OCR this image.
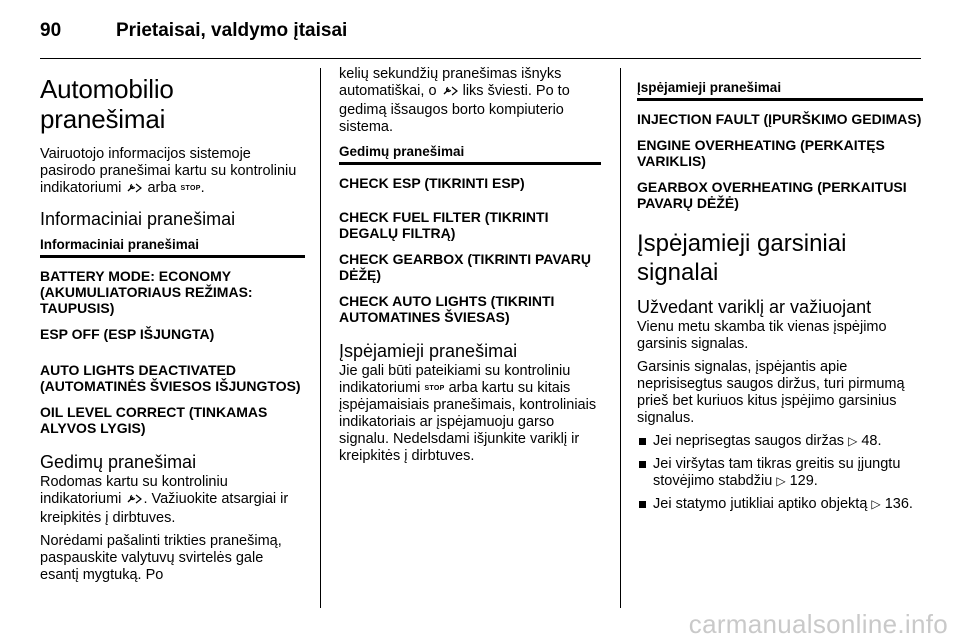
90	Prietaisai, valdymo įtaisai
Automobilio pranešimai

Vairuotojo informacijos sistemoje pasirodo pranešimai kartu su kontroliniu indikatoriumi arba STOP.

Informaciniai pranešimai
Informaciniai pranešimai
BATTERY MODE: ECONOMY (AKUMULIATORIAUS REŽIMAS: TAUPUSIS)
ESP OFF (ESP IŠJUNGTA)
AUTO LIGHTS DEACTIVATED (AUTOMATINĖS ŠVIESOS IŠJUNGTOS)
OIL LEVEL CORRECT (TINKAMAS ALYVOS LYGIS)
Gedimų pranešimai

Rodomas kartu su kontroliniu indikatoriumi . Važiuokite atsargiai ir kreipkitės į dirbtuves.

Norėdami pašalinti trikties pranešimą, paspauskite valytuvų svirtelės gale esantį mygtuką. Po

kelių sekundžių pranešimas išnyks automatiškai, o liks šviesti. Po to gedimą išsaugos borto kompiuterio sistema.

Gedimų pranešimai
CHECK ESP (TIKRINTI ESP)
CHECK FUEL FILTER (TIKRINTI DEGALŲ FILTRĄ)
CHECK GEARBOX (TIKRINTI PAVARŲ DĖŽĘ)
CHECK AUTO LIGHTS (TIKRINTI AUTOMATINES ŠVIESAS)
Įspėjamieji pranešimai

Jie gali būti pateikiami su kontroliniu indikatoriumi STOP arba kartu su kitais įspėjamaisiais pranešimais, kontroliniais indikatoriais ar įspėjamuoju garso signalu. Nedelsdami išjunkite variklį ir kreipkitės į dirbtuves.

Įspėjamieji pranešimai
INJECTION FAULT (ĮPURŠKIMO GEDIMAS)
ENGINE OVERHEATING (PERKAITĘS VARIKLIS)
GEARBOX OVERHEATING (PERKAITUSI PAVARŲ DĖŽĖ)
Įspėjamieji garsiniai signalai
Užvedant variklį ar važiuojant

Vienu metu skamba tik vienas įspėjimo garsinis signalas.

Garsinis signalas, įspėjantis apie neprisisegtus saugos diržus, turi pirmumą prieš bet kuriuos kitus įspėjimo garsinius signalus.

Jei neprisegtas saugos diržas ▷ 48.
Jei viršytas tam tikras greitis su įjungtu stovėjimo stabdžiu ▷ 129.
Jei statymo jutikliai aptiko objektą ▷ 136.
carmanualsonline.info
